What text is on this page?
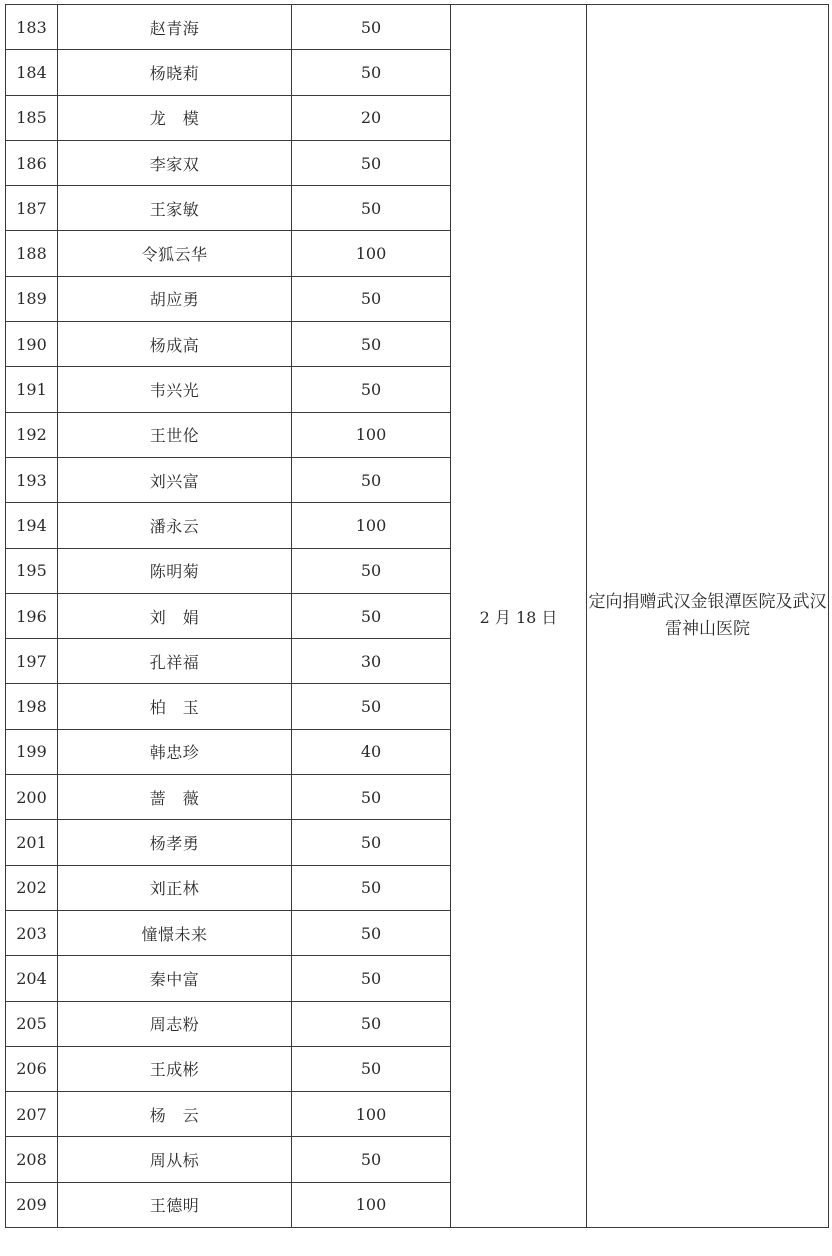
183	赵青海	50	2 月 18 日	定向捐赠武汉金银潭医院及武汉雷神山医院
184	杨晓莉	50		
185	龙　模	20		
186	李家双	50		
187	王家敏	50		
188	令狐云华	100		
189	胡应勇	50		
190	杨成高	50		
191	韦兴光	50		
192	王世伦	100		
193	刘兴富	50		
194	潘永云	100		
195	陈明菊	50		
196	刘　娟	50		
197	孔祥福	30		
198	柏　玉	50		
199	韩忠珍	40		
200	蔷　薇	50		
201	杨孝勇	50		
202	刘正林	50		
203	憧憬未来	50		
204	秦中富	50		
205	周志粉	50		
206	王成彬	50		
207	杨　云	100		
208	周从标	50		
209	王德明	100		
